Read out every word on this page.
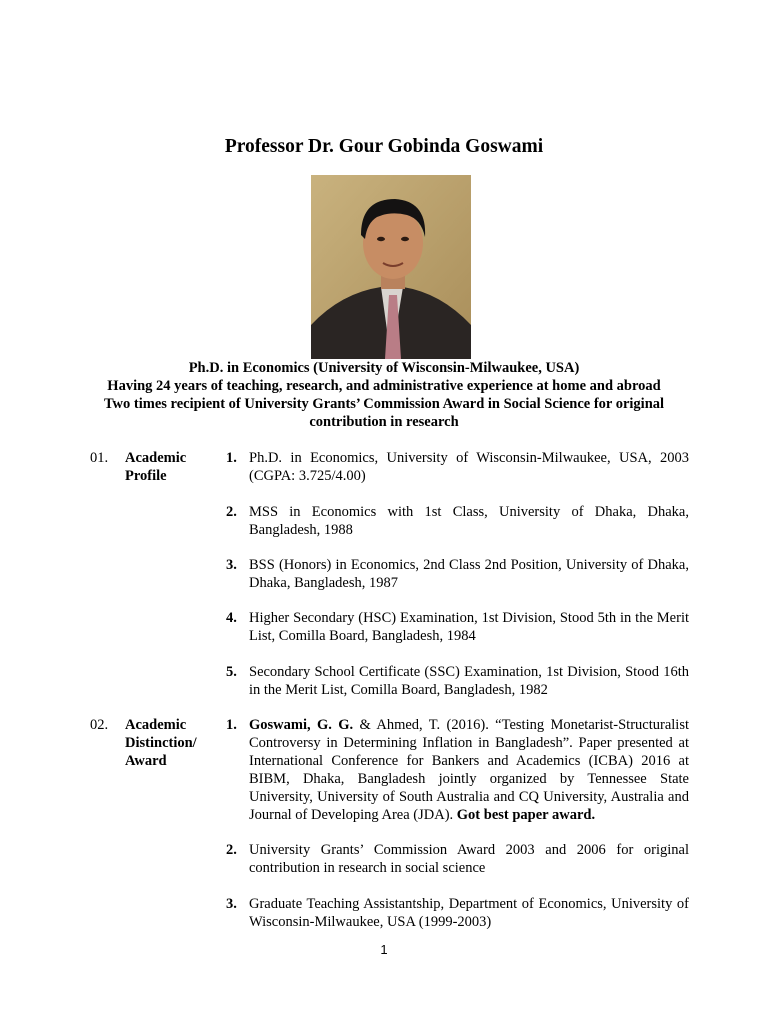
Professor Dr. Gour Gobinda Goswami
Ph.D. in Economics (University of Wisconsin-Milwaukee, USA)
Having 24 years of teaching, research, and administrative experience at home and abroad
Two times recipient of University Grants’ Commission Award in Social Science for original contribution in research
01. Academic Profile
1. Ph.D. in Economics, University of Wisconsin-Milwaukee, USA, 2003 (CGPA: 3.725/4.00)
2. MSS in Economics with 1st Class, University of Dhaka, Dhaka, Bangladesh, 1988
3. BSS (Honors) in Economics, 2nd Class 2nd Position, University of Dhaka, Dhaka, Bangladesh, 1987
4. Higher Secondary (HSC) Examination, 1st Division, Stood 5th in the Merit List, Comilla Board, Bangladesh, 1984
5. Secondary School Certificate (SSC) Examination, 1st Division, Stood 16th in the Merit List, Comilla Board, Bangladesh, 1982
02. Academic Distinction/ Award
1. Goswami, G. G. & Ahmed, T. (2016). “Testing Monetarist-Structuralist Controversy in Determining Inflation in Bangladesh”. Paper presented at International Conference for Bankers and Academics (ICBA) 2016 at BIBM, Dhaka, Bangladesh jointly organized by Tennessee State University, University of South Australia and CQ University, Australia and Journal of Developing Area (JDA). Got best paper award.
2. University Grants’ Commission Award 2003 and 2006 for original contribution in research in social science
3. Graduate Teaching Assistantship, Department of Economics, University of Wisconsin-Milwaukee, USA (1999-2003)
1
